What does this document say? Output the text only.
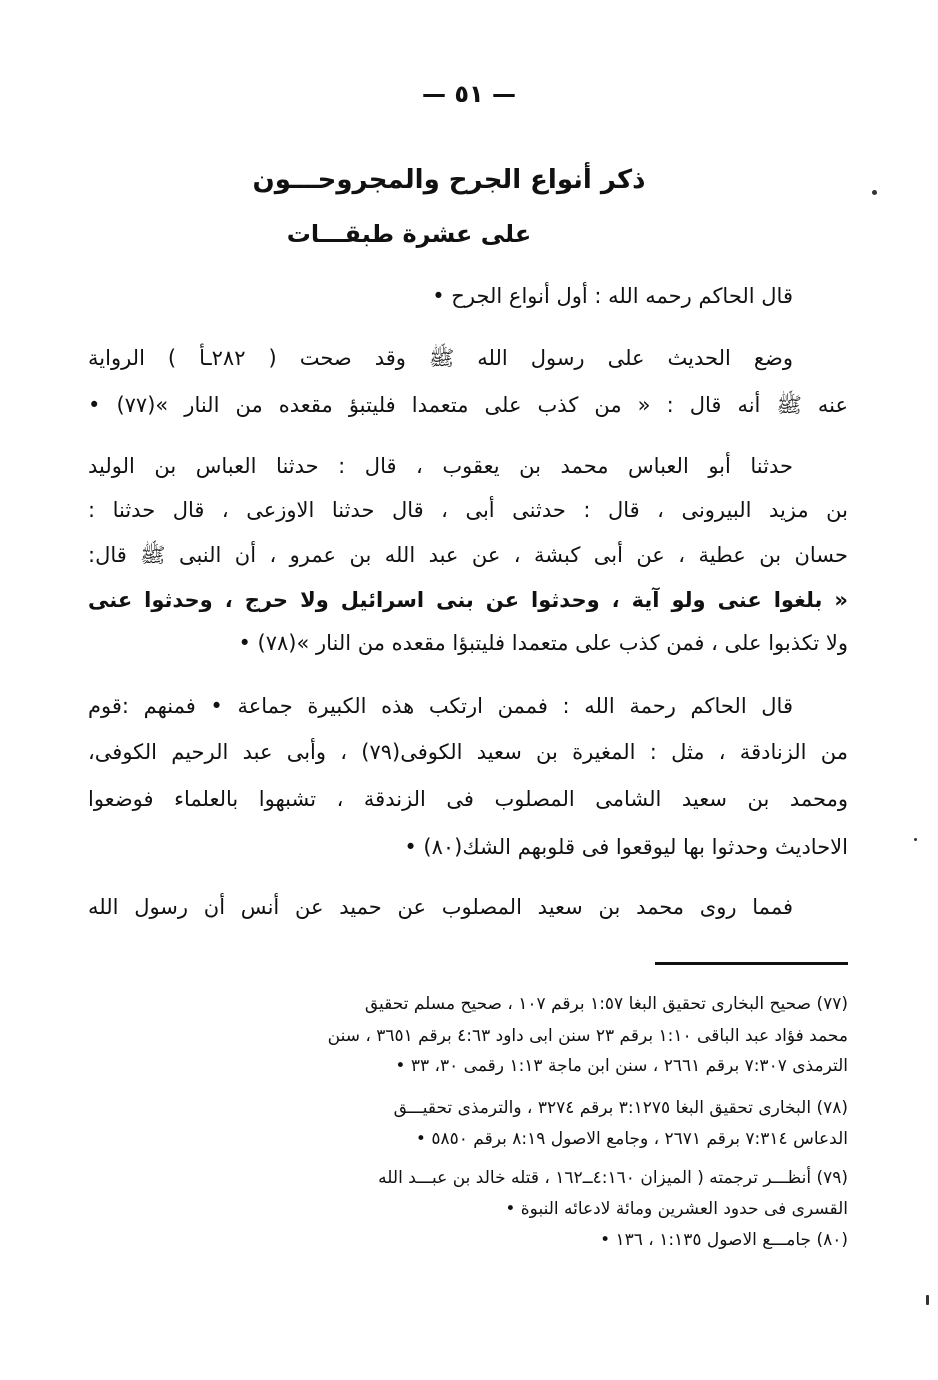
— ٥١ —
ذكر أنواع الجرح والمجروحـــون
على عشرة طبقـــات
قال الحاكم رحمه الله : أول أنواع الجرح •
وضع الحديث على رسول الله ﷺ وقد صحت ( ٢٨٢ـأ ) الرواية
عنه ﷺ أنه قال : « من كذب على متعمدا فليتبؤ مقعده من النار »(٧٧) •
حدثنا أبو العباس محمد بن يعقوب ، قال : حدثنا العباس بن الوليد
بن مزيد البيرونى ، قال : حدثنى أبى ، قال حدثنا الاوزعى ، قال حدثنا :
حسان بن عطية ، عن أبى كبشة ، عن عبد الله بن عمرو ، أن النبى ﷺ قال:
« بلغوا عنى ولو آية ، وحدثوا عن بنى اسرائيل ولا حرج ، وحدثوا عنى
ولا تكذبوا على ، فمن كذب على متعمدا فليتبؤا مقعده من النار »(٧٨) •
قال الحاكم رحمة الله : فممن ارتكب هذه الكبيرة جماعة • فمنهم :قوم
من الزنادقة ، مثل : المغيرة بن سعيد الكوفى(٧٩) ، وأبى عبد الرحيم الكوفى،
ومحمد بن سعيد الشامى المصلوب فى الزندقة ، تشبهوا بالعلماء فوضعوا
الاحاديث وحدثوا بها ليوقعوا فى قلوبهم الشك(٨٠) •
فمما روى محمد بن سعيد المصلوب عن حميد عن أنس أن رسول الله
(٧٧) صحيح البخارى تحقيق البغا ١:٥٧ برقم ١٠٧ ، صحيح مسلم تحقيق
محمد فؤاد عبد الباقى ١:١٠ برقم ٢٣ سنن ابى داود ٤:٦٣ برقم ٣٦٥١ ، سنن
الترمذى ٧:٣٠٧ برقم ٢٦٦١ ، سنن ابن ماجة ١:١٣ رقمى ٣٠، ٣٣ •
(٧٨) البخارى تحقيق البغا ٣:١٢٧٥ برقم ٣٢٧٤ ، والترمذى تحقيـــق
الدعاس ٧:٣١٤ برقم ٢٦٧١ ، وجامع الاصول ٨:١٩ برقم ٥٨٥٠ •
(٧٩) أنظـــر ترجمته ( الميزان ٤:١٦٠ــ١٦٢ ، قتله خالد بن عبـــد الله
القسرى فى حدود العشرين ومائة لادعائه النبوة •
(٨٠) جامـــع الاصول ١:١٣٥ ، ١٣٦ •
